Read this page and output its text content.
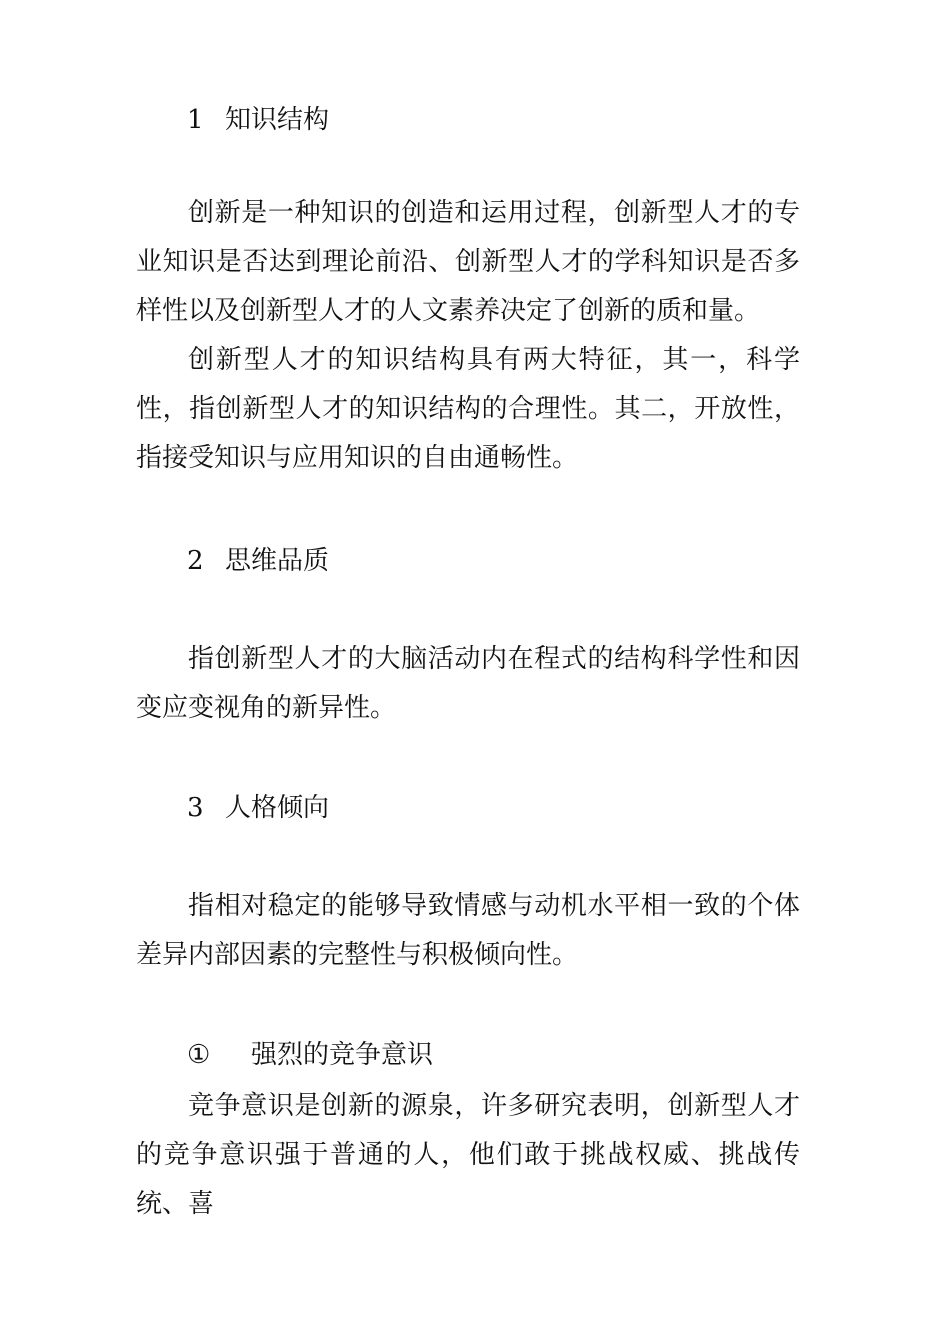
1 知识结构

创新是一种知识的创造和运用过程，创新型人才的专业知识是否达到理论前沿、创新型人才的学科知识是否多样性以及创新型人才的人文素养决定了创新的质和量。

创新型人才的知识结构具有两大特征，其一，科学性，指创新型人才的知识结构的合理性。其二，开放性，指接受知识与应用知识的自由通畅性。

2 思维品质

指创新型人才的大脑活动内在程式的结构科学性和因变应变视角的新异性。

3 人格倾向

指相对稳定的能够导致情感与动机水平相一致的个体差异内部因素的完整性与积极倾向性。

① 强烈的竞争意识

竞争意识是创新的源泉，许多研究表明，创新型人才的竞争意识强于普通的人，他们敢于挑战权威、挑战传统、喜
